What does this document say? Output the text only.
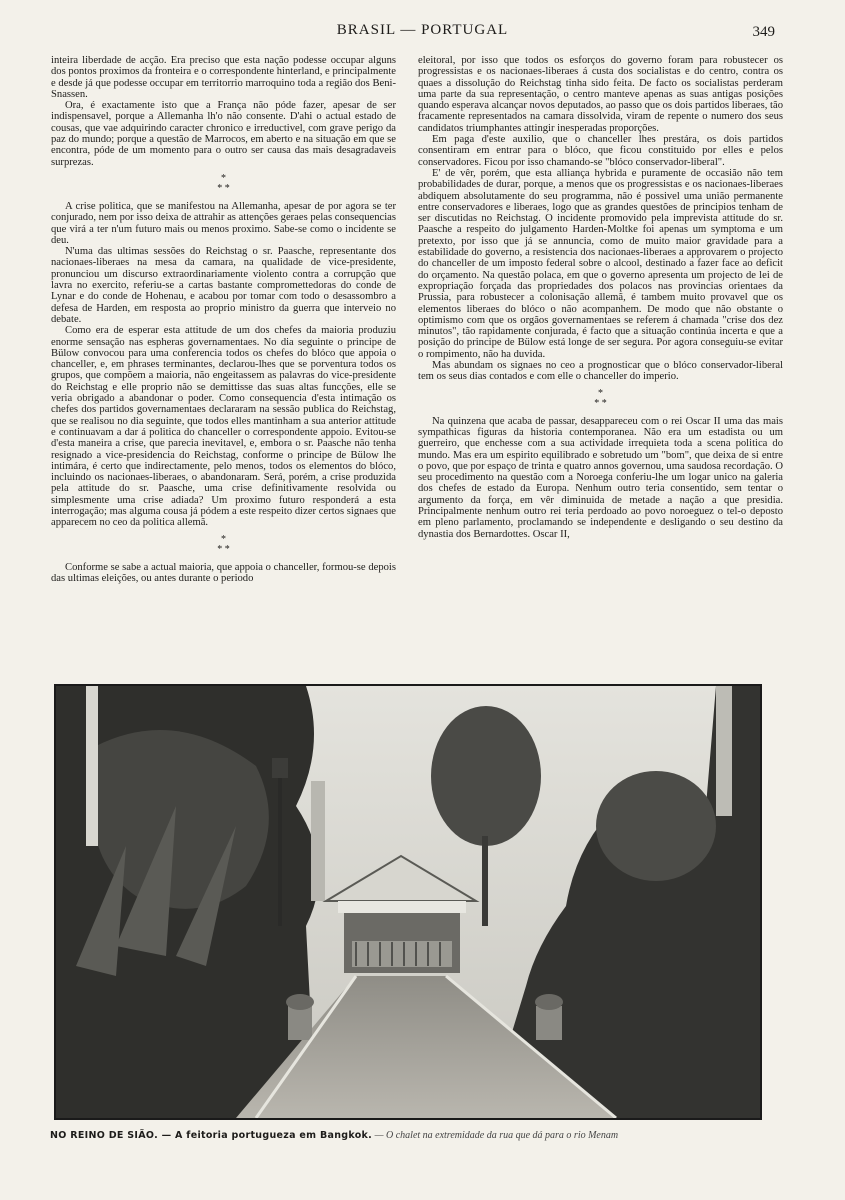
BRASIL — PORTUGAL	349

inteira liberdade de acção. Era preciso que esta nação podesse occupar alguns dos pontos proximos da fronteira e o correspondente hinterland, e principalmente e desde já que podesse occupar em territorrio marroquino toda a região dos Beni-Snassen.

Ora, é exactamente isto que a França não póde fazer, apesar de ser indispensavel, porque a Allemanha lh'o não consente. D'ahi o actual estado de cousas, que vae adquirindo caracter chronico e irreductivel, com grave perigo da paz do mundo; porque a questão de Marrocos, em aberto e na situação em que se encontra, póde de um momento para o outro ser causa das mais desagradaveis surprezas.

*
* *

A crise politica, que se manifestou na Allemanha, apesar de por agora se ter conjurado, nem por isso deixa de attrahir as attenções geraes pelas consequencias que virá a ter n'um futuro mais ou menos proximo. Sabe-se como o incidente se deu.

N'uma das ultimas sessões do Reichstag o sr. Paasche, representante dos nacionaes-liberaes na mesa da camara, na qualidade de vice-presidente, pronunciou um discurso extraordinariamente violento contra a corrupção que lavra no exercito, referiu-se a cartas bastante compromettedoras do conde de Lynar e do conde de Hohenau, e acabou por tomar com todo o desassombro a defesa de Harden, em resposta ao proprio ministro da guerra que interveio no debate.

Como era de esperar esta attitude de um dos chefes da maioria produziu enorme sensação nas espheras governamentaes. No dia seguinte o principe de Bülow convocou para uma conferencia todos os chefes do blóco que appoia o chanceller, e, em phrases terminantes, declarou-lhes que se porventura todos os grupos, que compõem a maioria, não engeitassem as palavras do vice-presidente do Reichstag e elle proprio não se demittisse das suas altas funcções, elle se veria obrigado a abandonar o poder. Como consequencia d'esta intimação os chefes dos partidos governamentaes declararam na sessão publica do Reichstag, que se realisou no dia seguinte, que todos elles mantinham a sua anterior attitude e continuavam a dar á politica do chanceller o correspondente appoio. Evitou-se d'esta maneira a crise, que parecia inevitavel, e, embora o sr. Paasche não tenha resignado a vice-presidencia do Reichstag, conforme o principe de Bülow lhe intimára, é certo que indirectamente, pelo menos, todos os elementos do blóco, incluindo os nacionaes-liberaes, o abandonaram. Será, porém, a crise produzida pela attitude do sr. Paasche, uma crise definitivamente resolvida ou simplesmente uma crise adiada? Um proximo futuro responderá a esta interrogação; mas alguma cousa já pódem a este respeito dizer certos signaes que apparecem no ceo da politica allemã.

*
* *

Conforme se sabe a actual maioria, que appoia o chanceller, formou-se depois das ultimas eleições, ou antes durante o periodo

eleitoral, por isso que todos os esforços do governo foram para robustecer os progressistas e os nacionaes-liberaes á custa dos socialistas e do centro, contra os quaes a dissolução do Reichstag tinha sido feita. De facto os socialistas perderam uma parte da sua representação, o centro manteve apenas as suas antigas posições quando esperava alcançar novos deputados, ao passo que os dois partidos liberaes, tão fracamente representados na camara dissolvida, viram de repente o numero dos seus candidatos triumphantes attingir inesperadas proporções.

Em paga d'este auxilio, que o chanceller lhes prestára, os dois partidos consentiram em entrar para o blóco, que ficou constituido por elles e pelos conservadores. Ficou por isso chamando-se "blóco conservador-liberal".

E' de vêr, porém, que esta alliança hybrida e puramente de occasião não tem probabilidades de durar, porque, a menos que os progressistas e os nacionaes-liberaes abdiquem absolutamente do seu programma, não é possivel uma união permanente entre conservadores e liberaes, logo que as grandes questões de principios tenham de ser discutidas no Reichstag. O incidente promovido pela imprevista attitude do sr. Paasche a respeito do julgamento Harden-Moltke foi apenas um symptoma e um pretexto, por isso que já se annuncia, como de muito maior gravidade para a estabilidade do governo, a resistencia dos nacionaes-liberaes a approvarem o projecto do chanceller de um imposto federal sobre o alcool, destinado a fazer face ao deficit do orçamento. Na questão polaca, em que o governo apresenta um projecto de lei de expropriação forçada das propriedades dos polacos nas provincias orientaes da Prussia, para robustecer a colonisação allemã, é tambem muito provavel que os elementos liberaes do blóco o não acompanhem. De modo que não obstante o optimismo com que os orgãos governamentaes se referem á chamada "crise dos dez minutos", tão rapidamente conjurada, é facto que a situação continúa incerta e que a posição do principe de Bülow está longe de ser segura. Por agora conseguiu-se evitar o rompimento, não ha duvida.

Mas abundam os signaes no ceo a prognosticar que o blóco conservador-liberal tem os seus dias contados e com elle o chanceller do imperio.

*
* *

Na quinzena que acaba de passar, desappareceu com o rei Oscar II uma das mais sympathicas figuras da historia contemporanea. Não era um estadista ou um guerreiro, que enchesse com a sua actividade irrequieta toda a scena politica do mundo. Mas era um espirito equilibrado e sobretudo um "bom", que deixa de si entre o povo, que por espaço de trinta e quatro annos governou, uma saudosa recordação. O seu procedimento na questão com a Noroega conferiu-lhe um logar unico na galeria dos chefes de estado da Europa. Nenhum outro teria consentido, sem tentar o argumento da força, em vêr diminuida de metade a nação a que presidia. Principalmente nenhum outro rei teria perdoado ao povo noroeguez o tel-o deposto em pleno parlamento, proclamando se independente e desligando o seu destino da dynastia dos Bernardottes. Oscar II,

NO REINO DE SIÃO. — A feitoria portugueza em Bangkok. — O chalet na extremidade da rua que dá para o rio Menam
